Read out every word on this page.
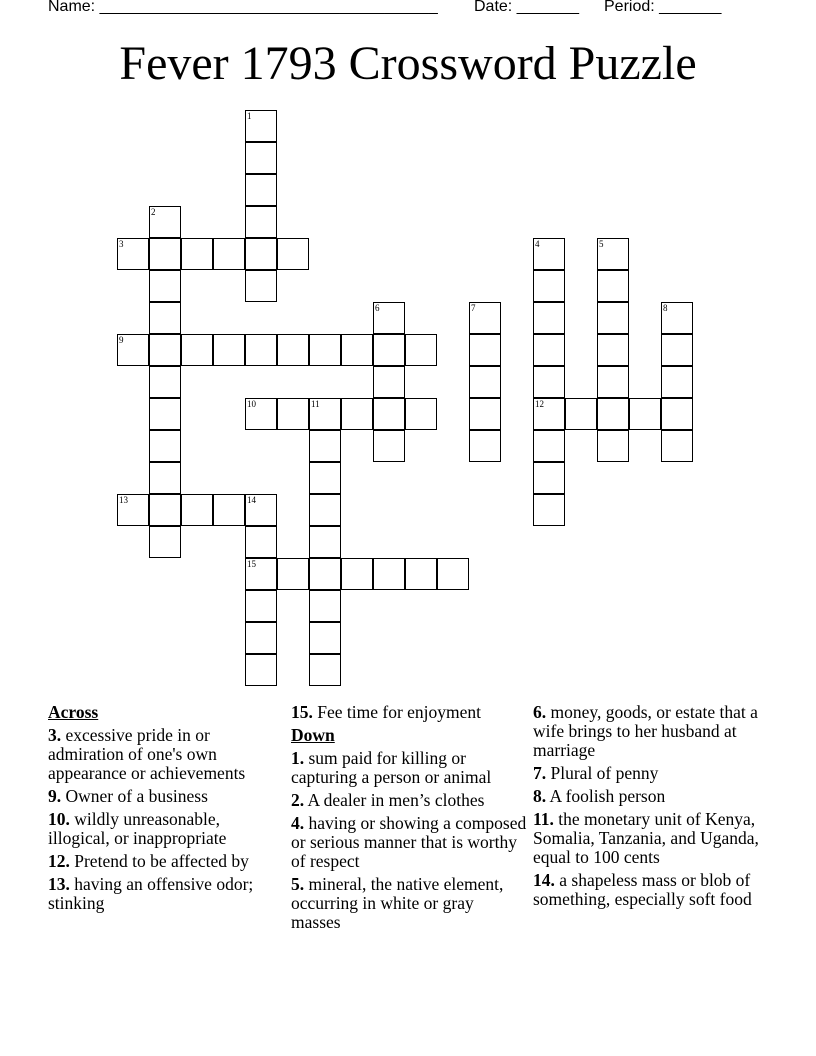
Name: ______________________________________

Date: _______

Period: _______

Fever 1793 Crossword Puzzle
1
2
3	4
12
5
6	7	8
9
10	11
13	14
15
Across
3. excessive pride in or admiration of one's own appearance or achievements
9. Owner of a business
10. wildly unreasonable, illogical, or inappropriate
12. Pretend to be affected by
13. having an offensive odor; stinking
15. Fee time for enjoyment
Down
1. sum paid for killing or capturing a person or animal
2. A dealer in men’s clothes
4. having or showing a composed or serious manner that is worthy of respect
5. mineral, the native element, occurring in white or gray masses
6. money, goods, or estate that a wife brings to her husband at marriage
7. Plural of penny
8. A foolish person
11. the monetary unit of Kenya, Somalia, Tanzania, and Uganda, equal to 100 cents
14. a shapeless mass or blob of something, especially soft food
